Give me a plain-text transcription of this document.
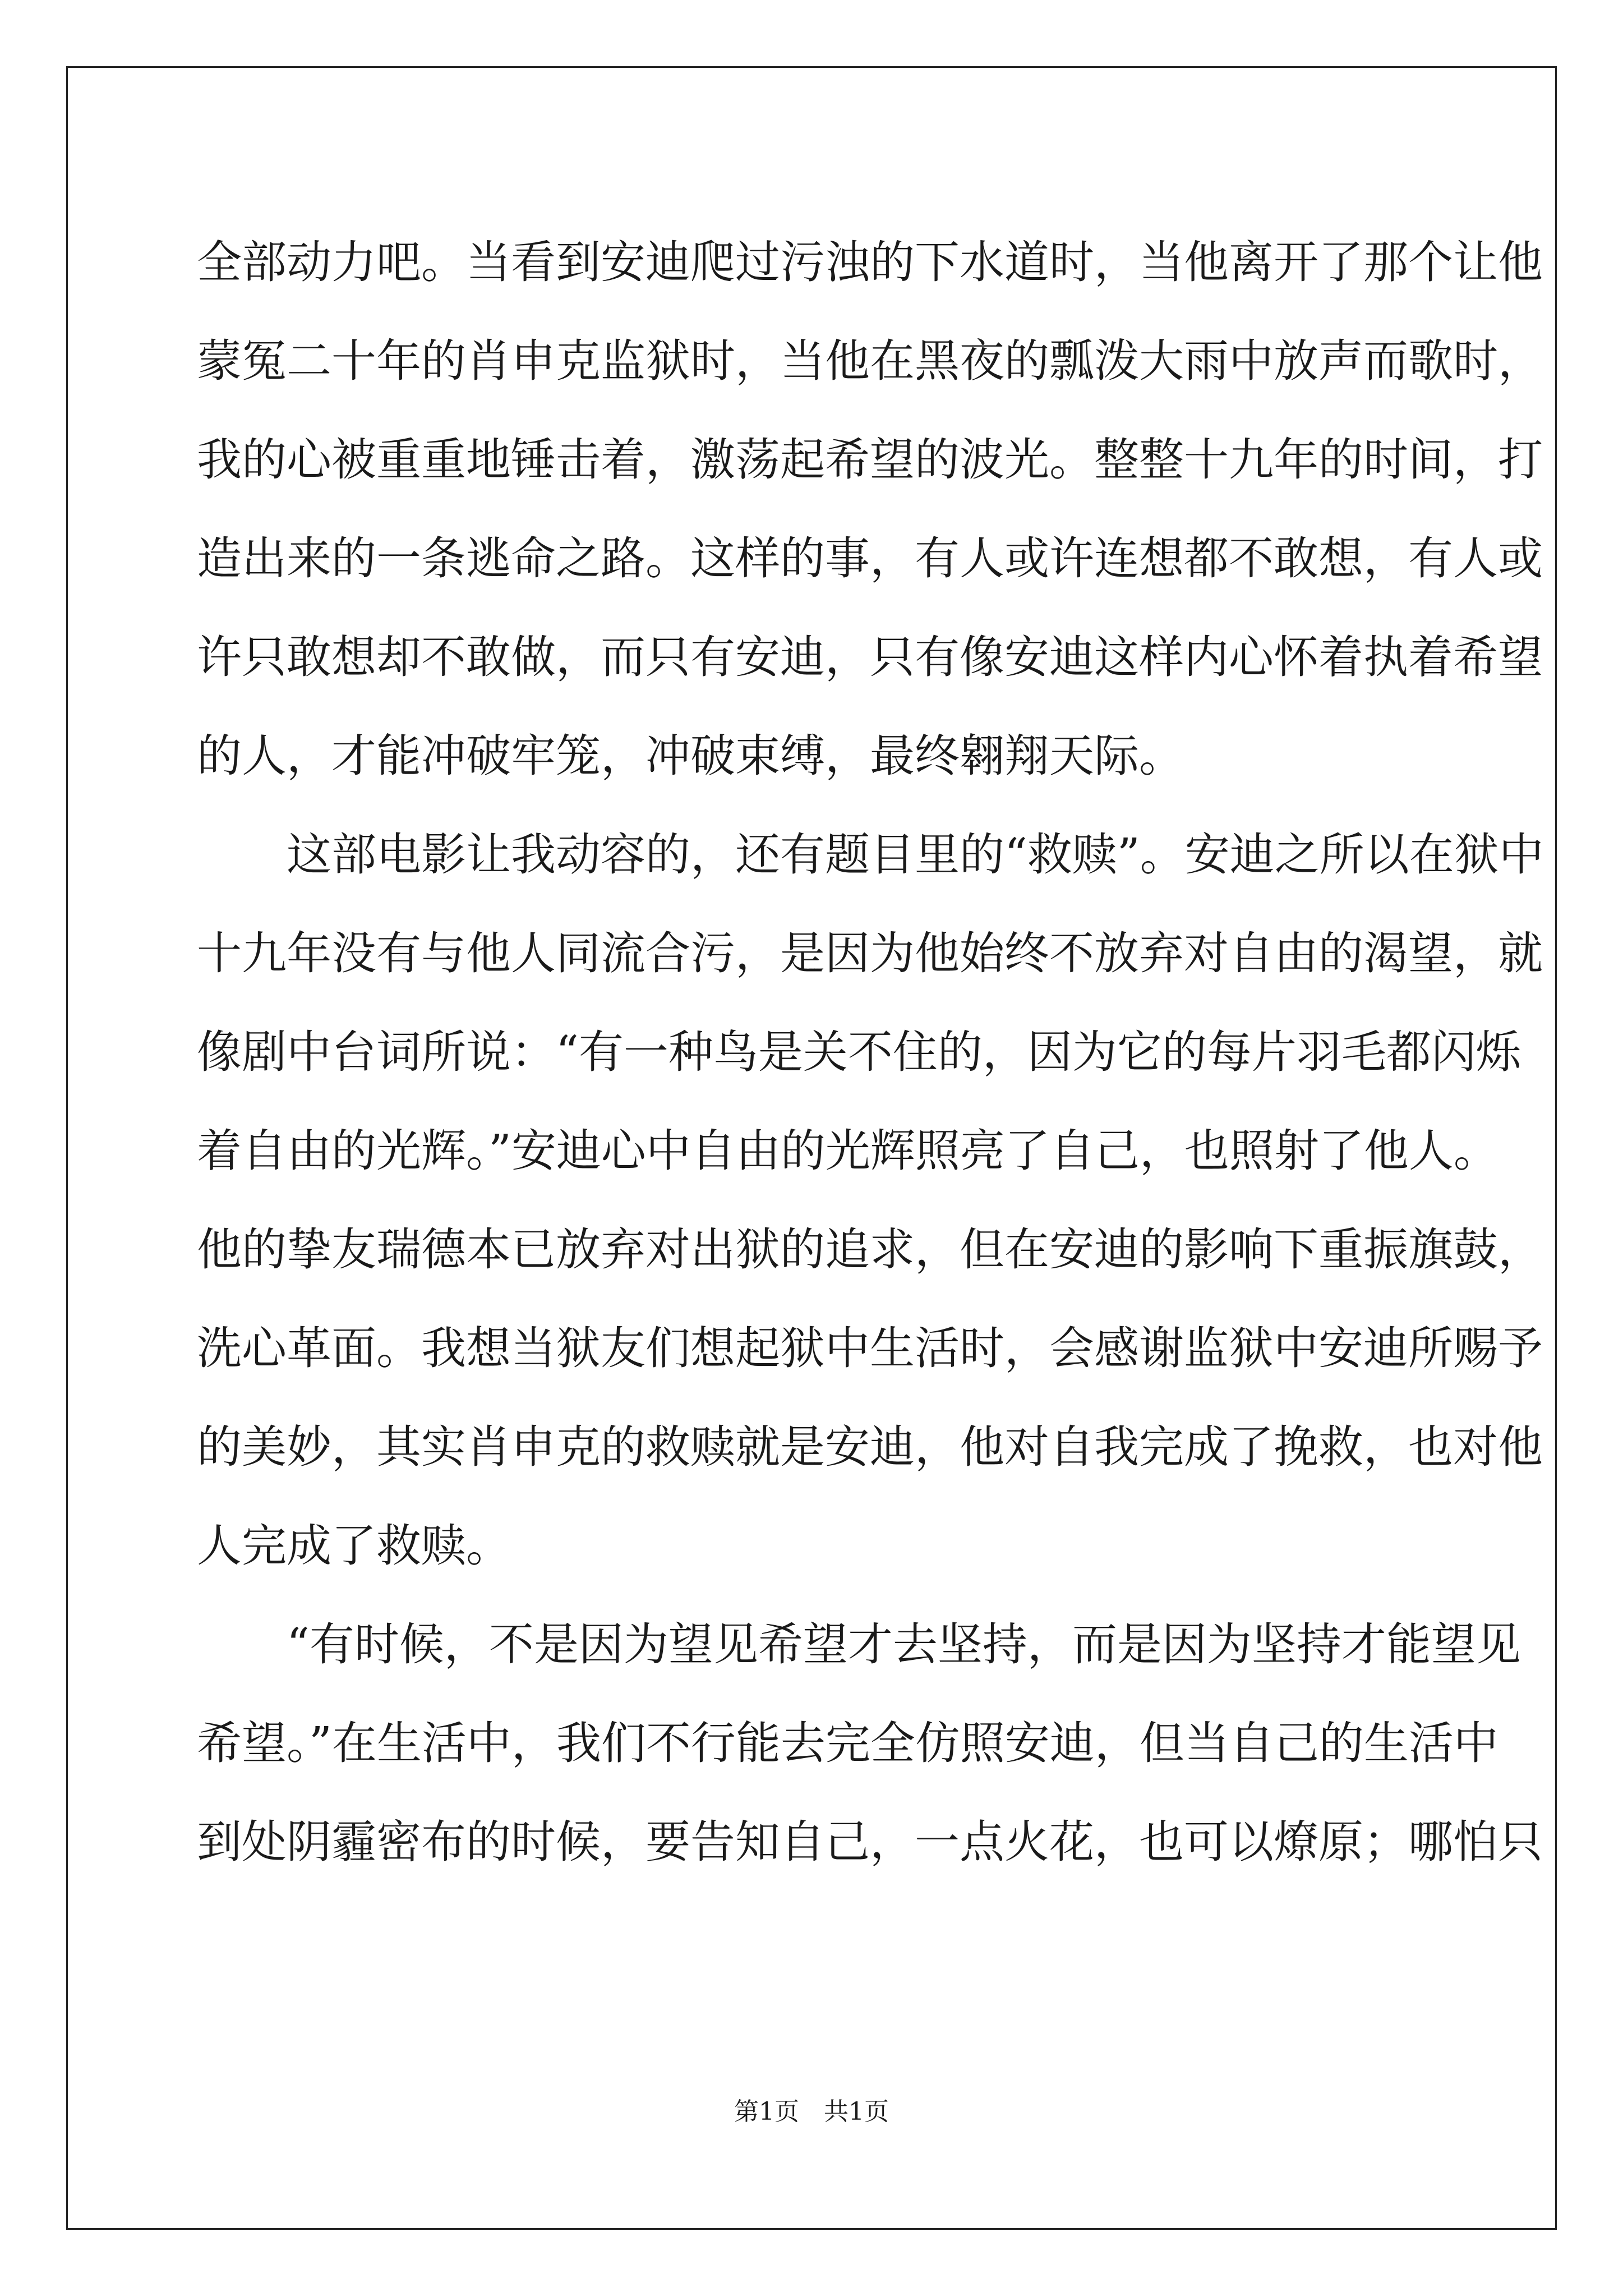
全部动力吧。当看到安迪爬过污浊的下水道时，当他离开了那个让他
蒙冤二十年的肖申克监狱时，当他在黑夜的瓢泼大雨中放声而歌时，
我的心被重重地锤击着，激荡起希望的波光。整整十九年的时间，打
造出来的一条逃命之路。这样的事，有人或许连想都不敢想，有人或
许只敢想却不敢做，而只有安迪，只有像安迪这样内心怀着执着希望
的人，才能冲破牢笼，冲破束缚，最终翱翔天际。
这部电影让我动容的，还有题目里的“救赎”。安迪之所以在狱中
十九年没有与他人同流合污，是因为他始终不放弃对自由的渴望，就
像剧中台词所说：“有一种鸟是关不住的，因为它的每片羽毛都闪烁
着自由的光辉。”安迪心中自由的光辉照亮了自己，也照射了他人。
他的挚友瑞德本已放弃对出狱的追求，但在安迪的影响下重振旗鼓，
洗心革面。我想当狱友们想起狱中生活时，会感谢监狱中安迪所赐予
的美妙，其实肖申克的救赎就是安迪，他对自我完成了挽救，也对他
人完成了救赎。
“有时候，不是因为望见希望才去坚持，而是因为坚持才能望见
希望。”在生活中，我们不行能去完全仿照安迪，但当自己的生活中
到处阴霾密布的时候，要告知自己，一点火花，也可以燎原；哪怕只
第1页 共1页
